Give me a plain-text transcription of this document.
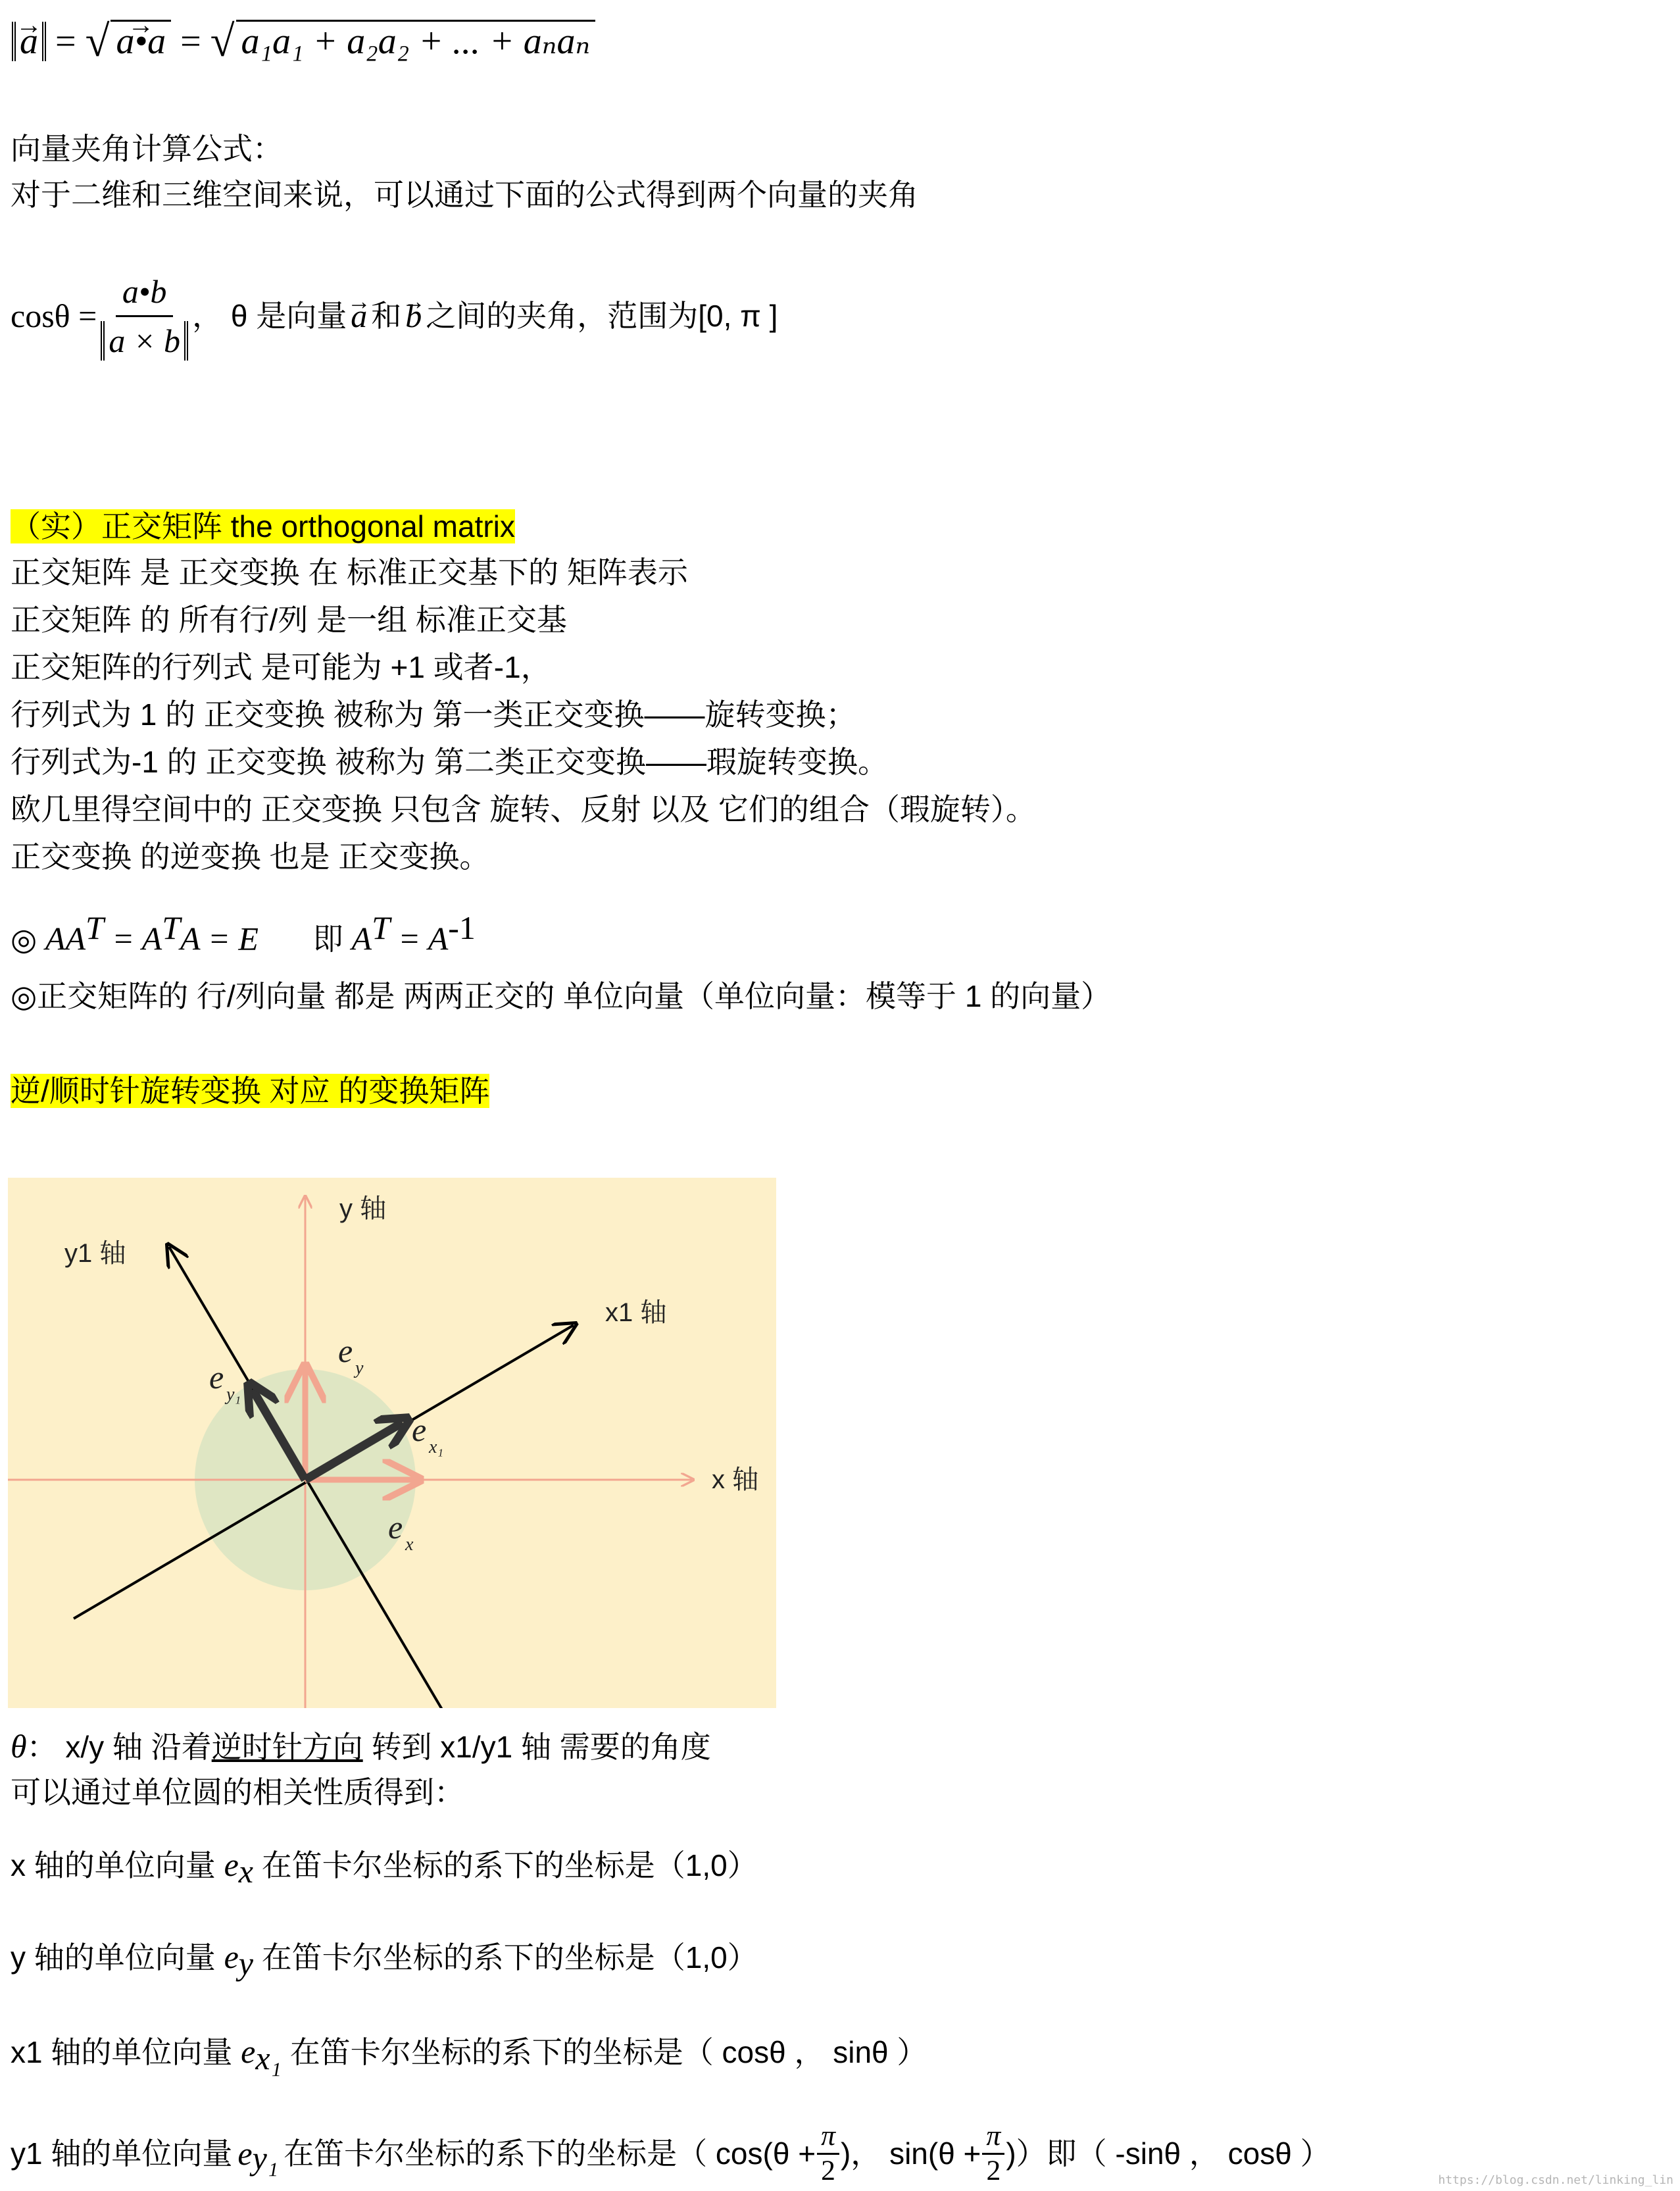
→ a = √ → a•a = √ a₁a₁ + a₂a₂ + ... + aₙaₙ
向量夹角计算公式：
对于二维和三维空间来说，可以通过下面的公式得到两个向量的夹角
$\cos\theta = \frac{a•b}{a \times b}$ ， θ 是向量 → a 和 → b 之间的夹角，范围为[0, π ]
（实）正交矩阵 the orthogonal matrix
正交矩阵 是 正交变换 在 标准正交基下的 矩阵表示
正交矩阵 的 所有行/列 是一组 标准正交基
正交矩阵的行列式 是可能为 +1 或者-1，
行列式为 1 的 正交变换 被称为 第一类正交变换——旋转变换；
行列式为-1 的 正交变换 被称为 第二类正交变换——瑕旋转变换。
欧几里得空间中的 正交变换 只包含 旋转、反射 以及 它们的组合（瑕旋转）。
正交变换 的逆变换 也是 正交变换。
◎ $AA^T = A^TA = E$ 即 $A^T = A^{-1}$
◎正交矩阵的 行/列向量 都是 两两正交的 单位向量（单位向量：模等于 1 的向量）
逆/顺时针旋转变换 对应 的变换矩阵
y 轴
y1 轴
x1 轴
x 轴
e y
e y₁
e x₁
e x
θ： x/y 轴 沿着逆时针方向 转到 x1/y1 轴 需要的角度
可以通过单位圆的相关性质得到：
x 轴的单位向量 $e_x$ 在笛卡尔坐标的系下的坐标是（1,0）
y 轴的单位向量 $e_y$ 在笛卡尔坐标的系下的坐标是（1,0）
x1 轴的单位向量 $e_{x_1}$ 在笛卡尔坐标的系下的坐标是（ cosθ ， sinθ ）
y1 轴的单位向量 e y₁ 在笛卡尔坐标的系下的坐标是（ $\cos(\theta + \frac{\pi}{2}$ )， $\sin(\theta + \frac{\pi}{2}$ )）即（ -sinθ ， cosθ ）
https://blog.csdn.net/linking_lin
